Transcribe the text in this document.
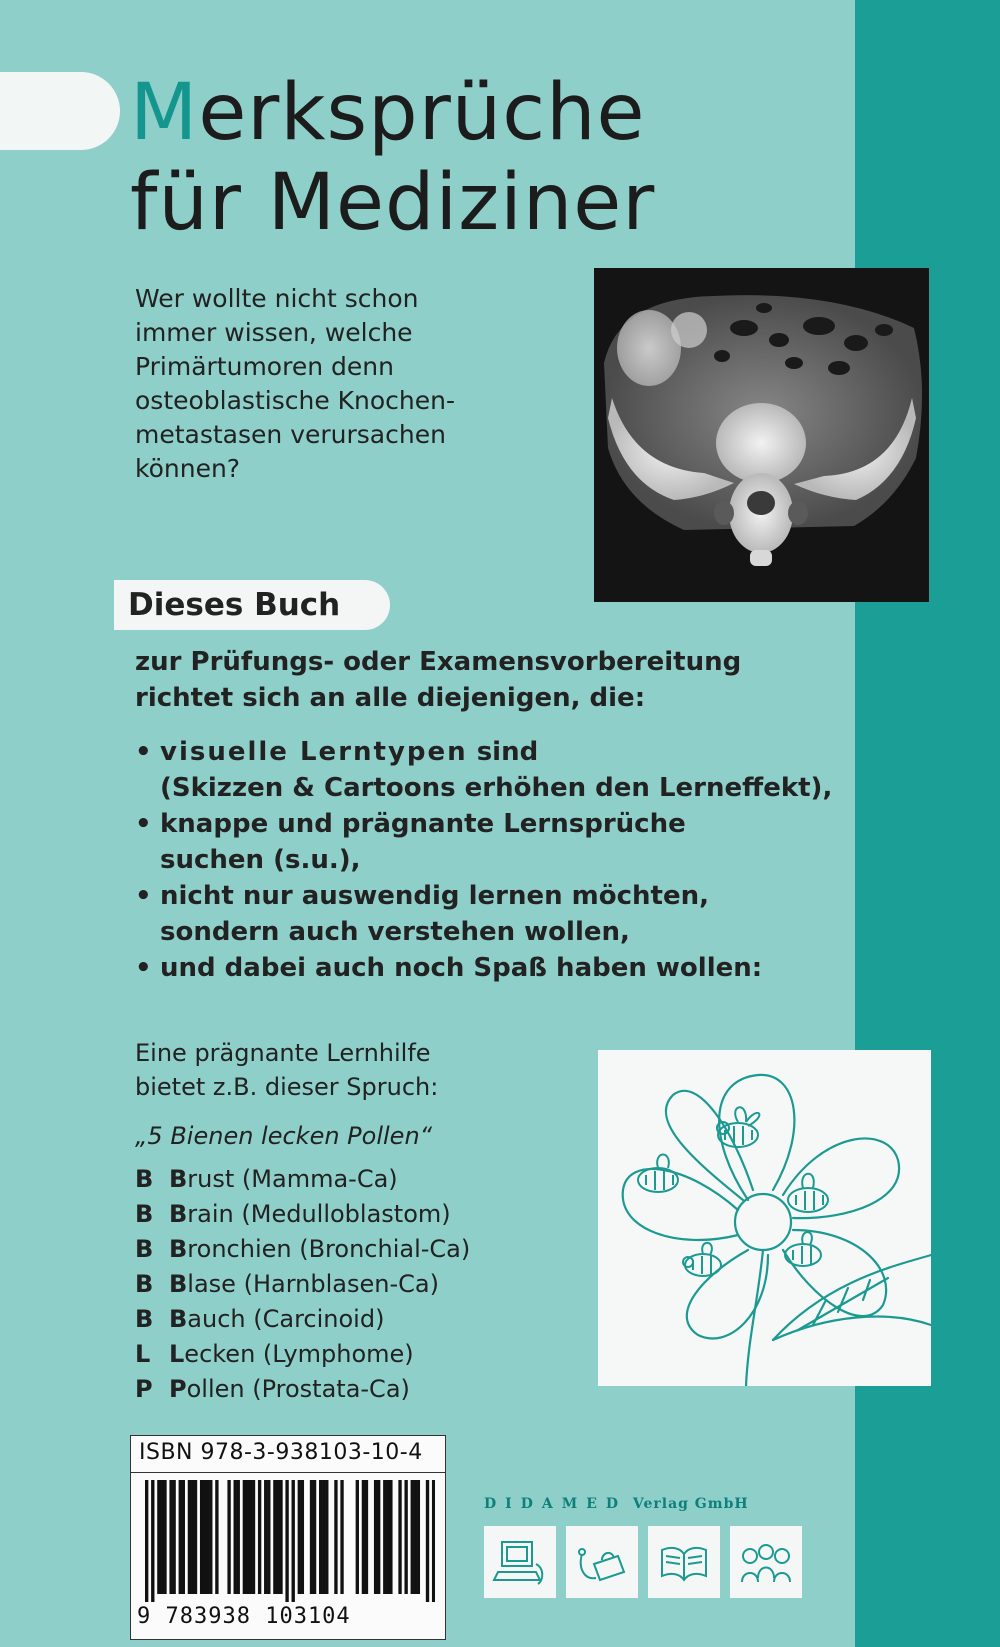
Merksprüche
für Mediziner
Wer wollte nicht schon
immer wissen, welche
Primärtumoren denn
osteoblastische Knochen-
metastasen verursachen
können?
Dieses Buch
zur Prüfungs- oder Examensvorbereitung
richtet sich an alle diejenigen, die:
• visuelle Lerntypen sind
(Skizzen & Cartoons erhöhen den Lerneffekt),
• knappe und prägnante Lernsprüche
suchen (s.u.),
• nicht nur auswendig lernen möchten,
sondern auch verstehen wollen,
• und dabei auch noch Spaß haben wollen:
Eine prägnante Lernhilfe
bietet z.B. dieser Spruch:
„5 Bienen lecken Pollen“
B Brust (Mamma-Ca)
B Brain (Medulloblastom)
B Bronchien (Bronchial-Ca)
B Blase (Harnblasen-Ca)
B Bauch (Carcinoid)
L Lecken (Lymphome)
P Pollen (Prostata-Ca)
ISBN 978-3-938103-10-4
9 783938 103104
DIDAMED Verlag GmbH
